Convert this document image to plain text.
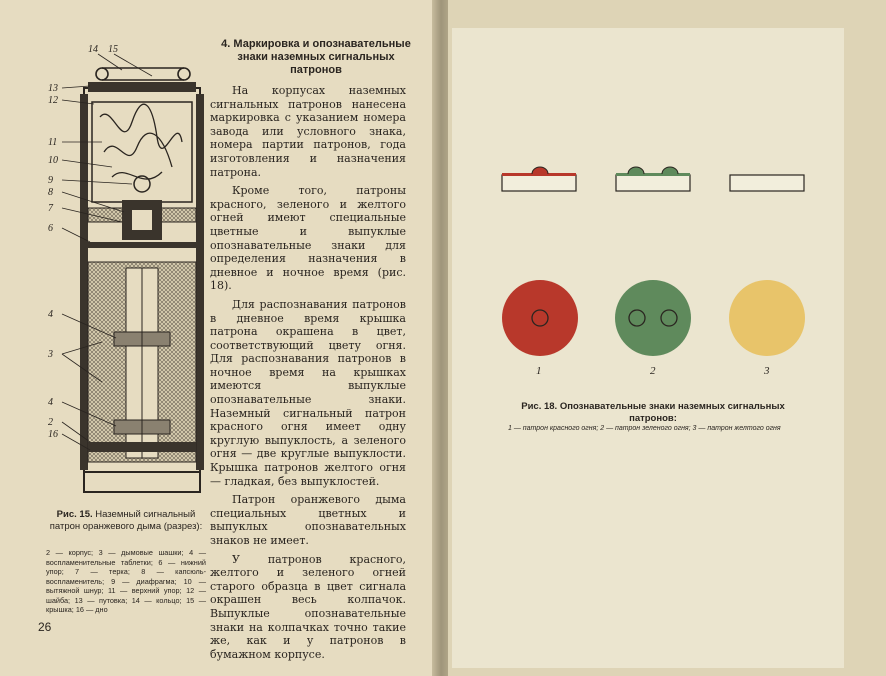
13
12
11
10
9
8
7
6
4
3
4
2
16
14 15
Рис. 15. Наземный сигнальный патрон оранжевого дыма (разрез):
2 — корпус; 3 — дымовые шашки; 4 — воспламенительные таблетки; 6 — нижний упор; 7 — терка; 8 — капсюль-воспламенитель; 9 — диафрагма; 10 — вытяжной шнур; 11 — верхний упор; 12 — шайба; 13 — путовка; 14 — кольцо; 15 — крышка; 16 — дно
4. Маркировка и опознавательные знаки наземных сигнальных патронов

На корпусах наземных сигнальных патронов нанесена маркировка с указанием номера завода или условного знака, номера партии патронов, года изготовления и назначения патрона.

Кроме того, патроны красного, зеленого и желтого огней имеют специальные цветные и выпуклые опознавательные знаки для определения назначения в дневное и ночное время (рис. 18).

Для распознавания патронов в дневное время крышка патрона окрашена в цвет, соответствующий цвету огня. Для распознавания патронов в ночное время на крышках имеются выпуклые опознавательные знаки. Наземный сигнальный патрон красного огня имеет одну круглую выпуклость, а зеленого огня — две круглые выпуклости. Крышка патронов желтого огня — гладкая, без выпуклостей.

Патрон оранжевого дыма специальных цветных и выпуклых опознавательных знаков не имеет.

У патронов красного, желтого и зеленого огней старого образца в цвет сигнала окрашен весь колпачок. Выпуклые опознавательные знаки на колпачках точно такие же, как и у патронов в бумажном корпусе.

26
1	2	3
Рис. 18. Опознавательные знаки наземных сигнальных патронов:
1 — патрон красного огня; 2 — патрон зеленого огня; 3 — патрон желтого огня
